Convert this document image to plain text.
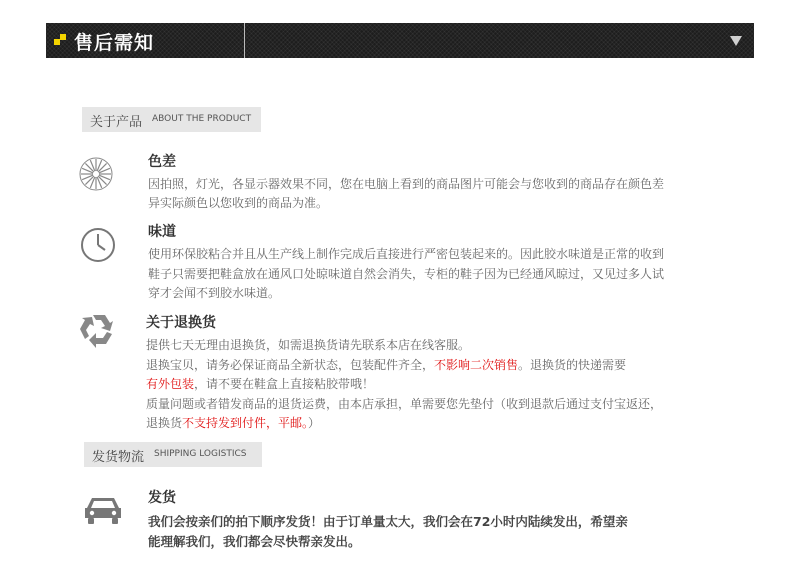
售后需知
关于产品 ABOUT THE PRODUCT
色差
因拍照，灯光，各显示器效果不同，您在电脑上看到的商品图片可能会与您收到的商品存在颜色差
异实际颜色以您收到的商品为准。
味道
使用环保胶粘合并且从生产线上制作完成后直接进行严密包装起来的。因此胶水味道是正常的收到
鞋子只需要把鞋盒放在通风口处晾味道自然会消失，专柜的鞋子因为已经通风晾过，又见过多人试
穿才会闻不到胶水味道。
关于退换货
提供七天无理由退换货，如需退换货请先联系本店在线客服。
退换宝贝，请务必保证商品全新状态，包装配件齐全，不影响二次销售。退换货的快递需要
有外包装，请不要在鞋盒上直接粘胶带哦！
质量问题或者错发商品的退货运费，由本店承担，单需要您先垫付（收到退款后通过支付宝返还，
退换货不支持发到付件，平邮。）
发货物流 SHIPPING LOGISTICS
发货
我们会按亲们的拍下顺序发货！由于订单量太大，我们会在72小时内陆续发出，希望亲
能理解我们，我们都会尽快帮亲发出。
